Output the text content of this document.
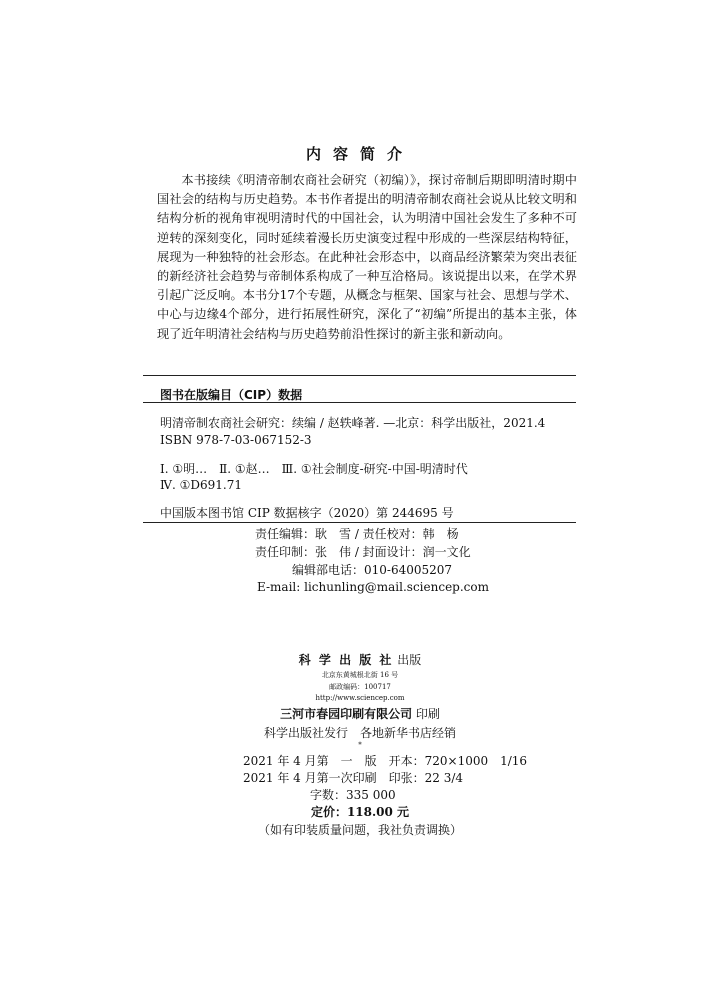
内容简介

本书接续《明清帝制农商社会研究（初编）》，探讨帝制后期即明清时期中国社会的结构与历史趋势。本书作者提出的明清帝制农商社会说从比较文明和结构分析的视角审视明清时代的中国社会，认为明清中国社会发生了多种不可逆转的深刻变化，同时延续着漫长历史演变过程中形成的一些深层结构特征，展现为一种独特的社会形态。在此种社会形态中，以商品经济繁荣为突出表征的新经济社会趋势与帝制体系构成了一种互洽格局。该说提出以来，在学术界引起广泛反响。本书分17个专题，从概念与框架、国家与社会、思想与学术、中心与边缘4个部分，进行拓展性研究，深化了“初编”所提出的基本主张，体现了近年明清社会结构与历史趋势前沿性探讨的新主张和新动向。

图书在版编目（CIP）数据
明清帝制农商社会研究：续编 / 赵轶峰著. —北京：科学出版社，2021.4
ISBN 978-7-03-067152-3
Ⅰ. ①明…　Ⅱ. ①赵…　Ⅲ. ①社会制度-研究-中国-明清时代
Ⅳ. ①D691.71
中国版本图书馆 CIP 数据核字（2020）第 244695 号
责任编辑：耿　雪 / 责任校对：韩　杨
责任印制：张　伟 / 封面设计：润一文化
编辑部电话：010-64005207
E-mail: lichunling@mail.sciencep.com
科 学 出 版 社 出版
北京东黄城根北街 16 号
邮政编码：100717
http://www.sciencep.com
三河市春园印刷有限公司 印刷
科学出版社发行　各地新华书店经销
*
2021 年 4 月第　一　版　开本：720×1000　1/16
2021 年 4 月第一次印刷　印张：22 3/4
字数：335 000
定价：118.00 元
（如有印装质量问题，我社负责调换）
